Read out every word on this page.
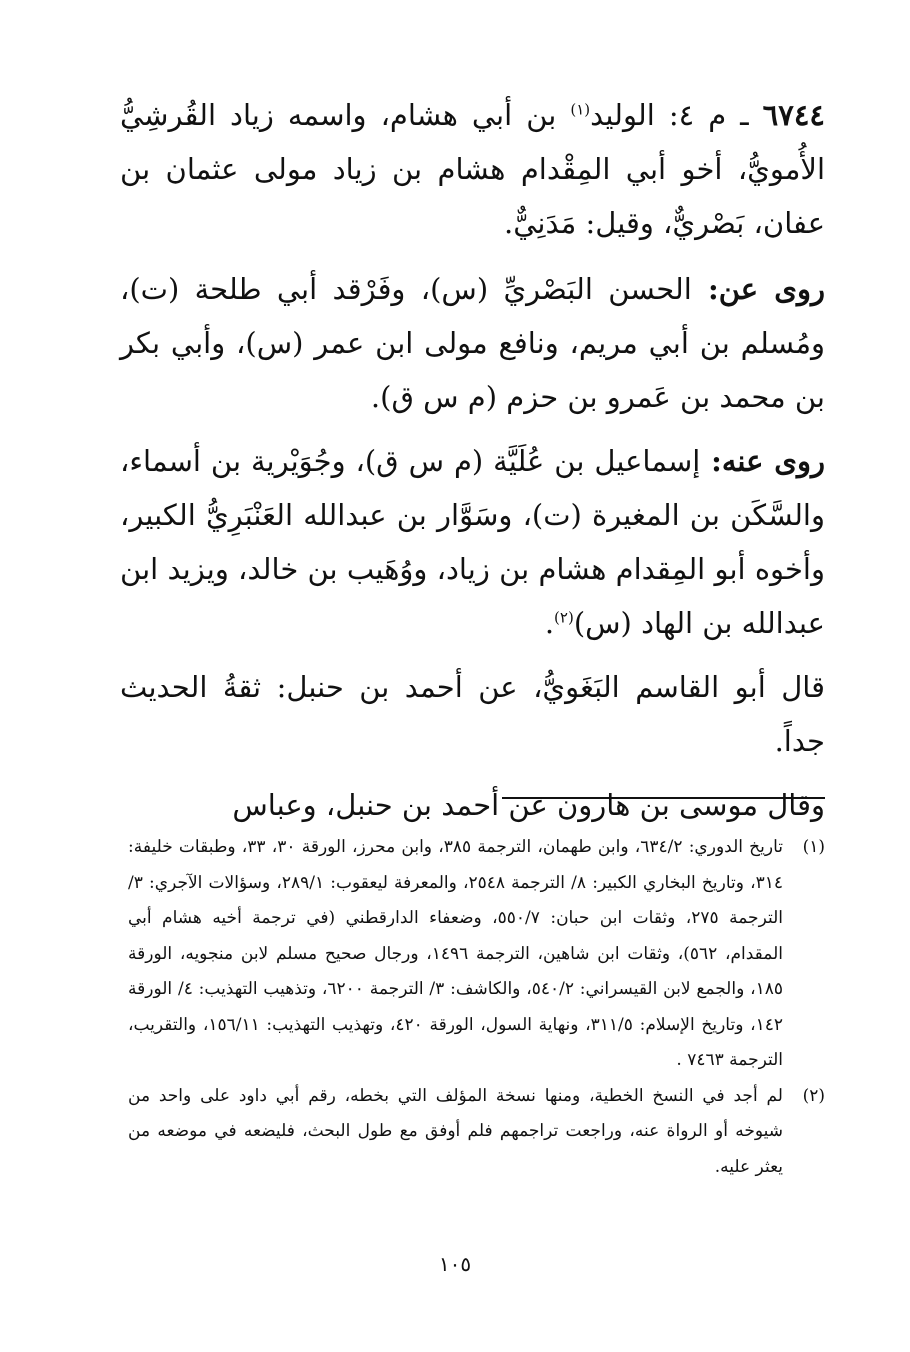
٦٧٤٤ ـ م ٤: الوليد$^{(١)}$ بن أبي هشام، واسمه زياد القُرشِيُّ الأُمويُّ، أخو أبي المِقْدام هشام بن زياد مولى عثمان بن عفان، بَصْريٌّ، وقيل: مَدَنِيٌّ.

روى عن: الحسن البَصْريِّ (س)، وفَرْقد أبي طلحة (ت)، ومُسلم بن أبي مريم، ونافع مولى ابن عمر (س)، وأبي بكر بن محمد بن عَمرو بن حزم (م س ق).

روى عنه: إسماعيل بن عُلَيَّة (م س ق)، وجُوَيْرية بن أسماء، والسَّكَن بن المغيرة (ت)، وسَوَّار بن عبدالله العَنْبَرِيُّ الكبير، وأخوه أبو المِقدام هشام بن زياد، ووُهَيب بن خالد، ويزيد ابن عبدالله بن الهاد (س)$^{(٢)}$.

قال أبو القاسم البَغَويُّ، عن أحمد بن حنبل: ثقةُ الحديث جداً.

وقال موسى بن هارون عن أحمد بن حنبل، وعباس

(١)
تاريخ الدوري: ٦٣٤/٢، وابن طهمان، الترجمة ٣٨٥، وابن محرز، الورقة ٣٠، ٣٣، وطبقات خليفة: ٣١٤، وتاريخ البخاري الكبير: ٨/ الترجمة ٢٥٤٨، والمعرفة ليعقوب: ٢٨٩/١، وسؤالات الآجري: ٣/ الترجمة ٢٧٥، وثقات ابن حبان: ٥٥٠/٧، وضعفاء الدارقطني (في ترجمة أخيه هشام أبي المقدام، ٥٦٢)، وثقات ابن شاهين، الترجمة ١٤٩٦، ورجال صحيح مسلم لابن منجويه، الورقة ١٨٥، والجمع لابن القيسراني: ٥٤٠/٢، والكاشف: ٣/ الترجمة ٦٢٠٠، وتذهيب التهذيب: ٤/ الورقة ١٤٢، وتاريخ الإسلام: ٣١١/٥، ونهاية السول، الورقة ٤٢٠، وتهذيب التهذيب: ١٥٦/١١، والتقريب، الترجمة ٧٤٦٣ .
(٢)
لم أجد في النسخ الخطية، ومنها نسخة المؤلف التي بخطه، رقم أبي داود على واحد من شيوخه أو الرواة عنه، وراجعت تراجمهم فلم أوفق مع طول البحث، فليضعه في موضعه من يعثر عليه.
١٠٥
